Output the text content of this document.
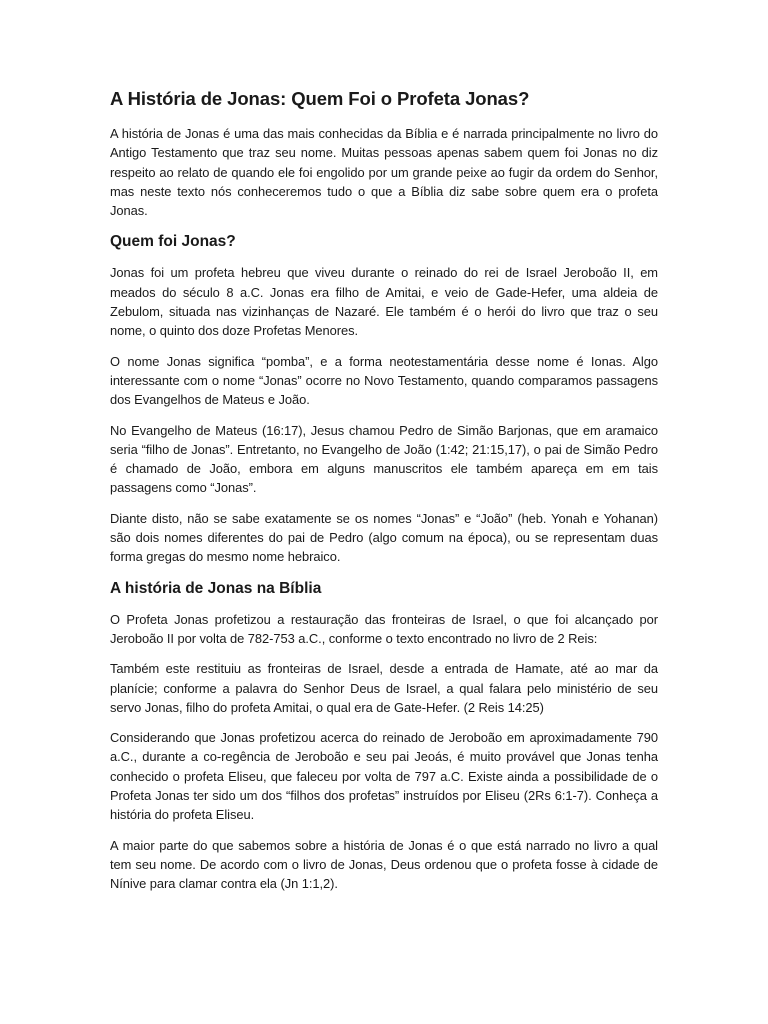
A História de Jonas: Quem Foi o Profeta Jonas?

A história de Jonas é uma das mais conhecidas da Bíblia e é narrada principalmente no livro do Antigo Testamento que traz seu nome. Muitas pessoas apenas sabem quem foi Jonas no diz respeito ao relato de quando ele foi engolido por um grande peixe ao fugir da ordem do Senhor, mas neste texto nós conheceremos tudo o que a Bíblia diz sabe sobre quem era o profeta Jonas.

Quem foi Jonas?

Jonas foi um profeta hebreu que viveu durante o reinado do rei de Israel Jeroboão II, em meados do século 8 a.C. Jonas era filho de Amitai, e veio de Gade-Hefer, uma aldeia de Zebulom, situada nas vizinhanças de Nazaré. Ele também é o herói do livro que traz o seu nome, o quinto dos doze Profetas Menores.

O nome Jonas significa “pomba”, e a forma neotestamentária desse nome é Ionas. Algo interessante com o nome “Jonas” ocorre no Novo Testamento, quando comparamos passagens dos Evangelhos de Mateus e João.

No Evangelho de Mateus (16:17), Jesus chamou Pedro de Simão Barjonas, que em aramaico seria “filho de Jonas”. Entretanto, no Evangelho de João (1:42; 21:15,17), o pai de Simão Pedro é chamado de João, embora em alguns manuscritos ele também apareça em em tais passagens como “Jonas”.

Diante disto, não se sabe exatamente se os nomes “Jonas” e “João” (heb. Yonah e Yohanan) são dois nomes diferentes do pai de Pedro (algo comum na época), ou se representam duas forma gregas do mesmo nome hebraico.

A história de Jonas na Bíblia

O Profeta Jonas profetizou a restauração das fronteiras de Israel, o que foi alcançado por Jeroboão II por volta de 782-753 a.C., conforme o texto encontrado no livro de 2 Reis:

Também este restituiu as fronteiras de Israel, desde a entrada de Hamate, até ao mar da planície; conforme a palavra do Senhor Deus de Israel, a qual falara pelo ministério de seu servo Jonas, filho do profeta Amitai, o qual era de Gate-Hefer. (2 Reis 14:25)

Considerando que Jonas profetizou acerca do reinado de Jeroboão em aproximadamente 790 a.C., durante a co-regência de Jeroboão e seu pai Jeoás, é muito provável que Jonas tenha conhecido o profeta Eliseu, que faleceu por volta de 797 a.C. Existe ainda a possibilidade de o Profeta Jonas ter sido um dos “filhos dos profetas” instruídos por Eliseu (2Rs 6:1-7). Conheça a história do profeta Eliseu.

A maior parte do que sabemos sobre a história de Jonas é o que está narrado no livro a qual tem seu nome. De acordo com o livro de Jonas, Deus ordenou que o profeta fosse à cidade de Nínive para clamar contra ela (Jn 1:1,2).
